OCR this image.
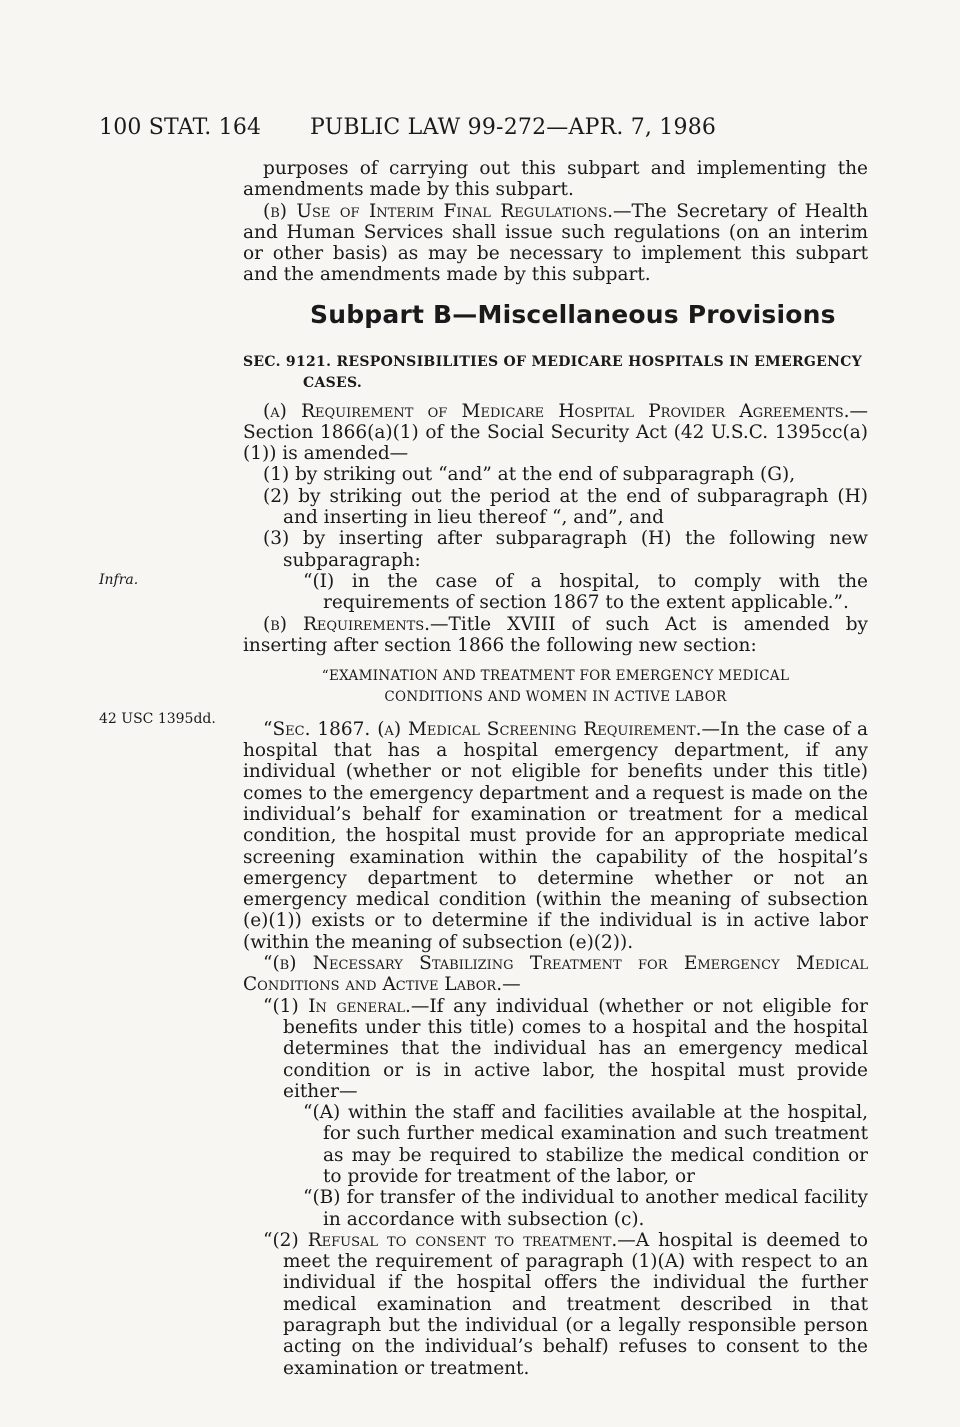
100 STAT. 164 PUBLIC LAW 99-272—APR. 7, 1986
Infra.
42 USC 1395dd.

purposes of carrying out this subpart and implementing the amendments made by this subpart.

(b) Use of Interim Final Regulations.—The Secretary of Health and Human Services shall issue such regulations (on an interim or other basis) as may be necessary to implement this subpart and the amendments made by this subpart.

Subpart B—Miscellaneous Provisions

SEC. 9121. RESPONSIBILITIES OF MEDICARE HOSPITALS IN EMERGENCY CASES.

(a) Requirement of Medicare Hospital Provider Agreements.—Section 1866(a)(1) of the Social Security Act (42 U.S.C. 1395cc(a)(1)) is amended—

(1) by striking out “and” at the end of subparagraph (G),

(2) by striking out the period at the end of subparagraph (H) and inserting in lieu thereof “, and”, and

(3) by inserting after subparagraph (H) the following new subparagraph:

“(I) in the case of a hospital, to comply with the requirements of section 1867 to the extent applicable.”.

(b) Requirements.—Title XVIII of such Act is amended by inserting after section 1866 the following new section:

“EXAMINATION AND TREATMENT FOR EMERGENCY MEDICAL

CONDITIONS AND WOMEN IN ACTIVE LABOR

“Sec. 1867. (a) Medical Screening Requirement.—In the case of a hospital that has a hospital emergency department, if any individual (whether or not eligible for benefits under this title) comes to the emergency department and a request is made on the individual’s behalf for examination or treatment for a medical condition, the hospital must provide for an appropriate medical screening examination within the capability of the hospital’s emergency department to determine whether or not an emergency medical condition (within the meaning of subsection (e)(1)) exists or to determine if the individual is in active labor (within the meaning of subsection (e)(2)).

“(b) Necessary Stabilizing Treatment for Emergency Medical Conditions and Active Labor.—

“(1) In general.—If any individual (whether or not eligible for benefits under this title) comes to a hospital and the hospital determines that the individual has an emergency medical condition or is in active labor, the hospital must provide either—

“(A) within the staff and facilities available at the hospital, for such further medical examination and such treatment as may be required to stabilize the medical condition or to provide for treatment of the labor, or

“(B) for transfer of the individual to another medical facility in accordance with subsection (c).

“(2) Refusal to consent to treatment.—A hospital is deemed to meet the requirement of paragraph (1)(A) with respect to an individual if the hospital offers the individual the further medical examination and treatment described in that paragraph but the individual (or a legally responsible person acting on the individual’s behalf) refuses to consent to the examination or treatment.
